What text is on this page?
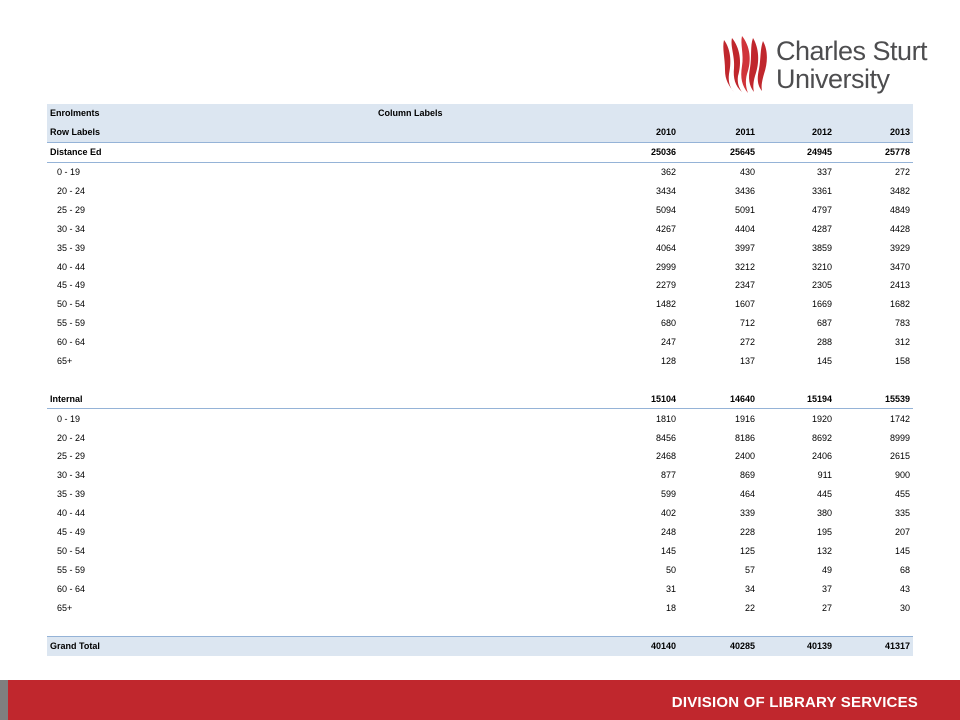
Charles Sturt
University
Enrolments	Column Labels					
Row Labels		2010	2011	2012	2013	
Distance Ed		25036	25645	24945	25778	
0 - 19		362	430	337	272	
20 - 24		3434	3436	3361	3482	
25 - 29		5094	5091	4797	4849	
30 - 34		4267	4404	4287	4428	
35 - 39		4064	3997	3859	3929	
40 - 44		2999	3212	3210	3470	
45 - 49		2279	2347	2305	2413	
50 - 54		1482	1607	1669	1682	
55 - 59		680	712	687	783	
60 - 64		247	272	288	312	
65+		128	137	145	158	

Internal		15104	14640	15194	15539	
0 - 19		1810	1916	1920	1742	
20 - 24		8456	8186	8692	8999	
25 - 29		2468	2400	2406	2615	
30 - 34		877	869	911	900	
35 - 39		599	464	445	455	
40 - 44		402	339	380	335	
45 - 49		248	228	195	207	
50 - 54		145	125	132	145	
55 - 59		50	57	49	68	
60 - 64		31	34	37	43	
65+		18	22	27	30	

Grand Total		40140	40285	40139	41317	
DIVISION OF LIBRARY SERVICES
